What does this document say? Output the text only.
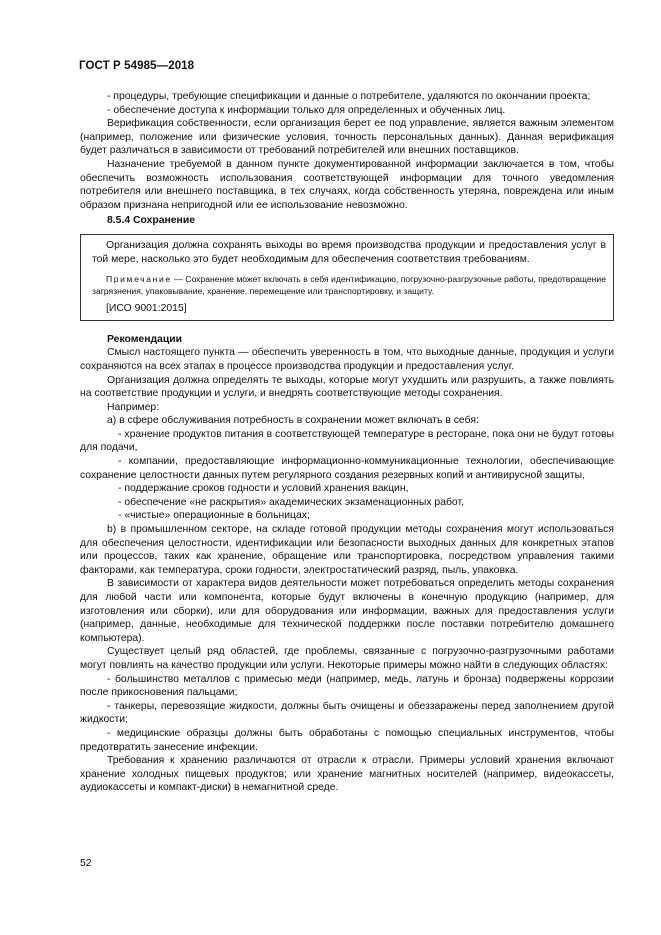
ГОСТ Р 54985—2018

- процедуры, требующие спецификации и данные о потребителе, удаляются по окончании проекта;

- обеспечение доступа к информации только для определенных и обученных лиц.

Верификация собственности, если организация берет ее под управление, является важным элементом (например, положение или физические условия, точность персональных данных). Данная верификация будет различаться в зависимости от требований потребителей или внешних поставщиков.

Назначение требуемой в данном пункте документированной информации заключается в том, чтобы обеспечить возможность использования соответствующей информации для точного уведомления потребителя или внешнего поставщика, в тех случаях, когда собственность утеряна, повреждена или иным образом признана непригодной или ее использование невозможно.

8.5.4 Сохранение

Организация должна сохранять выходы во время производства продукции и предоставления услуг в той мере, насколько это будет необходимым для обеспечения соответствия требованиям.

Примечание — Сохранение может включать в себя идентификацию, погрузочно-разгрузочные работы, предотвращение загрязнения, упаковывание, хранение, перемещение или транспортировку, и защиту.
[ИСО 9001:2015]
Рекомендации

Смысл настоящего пункта — обеспечить уверенность в том, что выходные данные, продукция и услуги сохраняются на всех этапах в процессе производства продукции и предоставления услуг.

Организация должна определять те выходы, которые могут ухудшить или разрушить, а также повлиять на соответствие продукции и услуги, и внедрять соответствующие методы сохранения.

Например:

а) в сфере обслуживания потребность в сохранении может включать в себя:

- хранение продуктов питания в соответствующей температуре в ресторане, пока они не будут готовы для подачи,

- компании, предоставляющие информационно-коммуникационные технологии, обеспечивающие сохранение целостности данных путем регулярного создания резервных копий и антивирусной защиты,

- поддержание сроков годности и условий хранения вакцин,

- обеспечение «не раскрытия» академических экзаменационных работ,

- «чистые» операционные в больницах;

b) в промышленном секторе, на складе готовой продукции методы сохранения могут использоваться для обеспечения целостности, идентификации или безопасности выходных данных для конкретных этапов или процессов, таких как хранение, обращение или транспортировка, посредством управления такими факторами, как температура, сроки годности, электростатический разряд, пыль, упаковка.

В зависимости от характера видов деятельности может потребоваться определить методы сохранения для любой части или компонента, которые будут включены в конечную продукцию (например, для изготовления или сборки), или для оборудования или информации, важных для предоставления услуги (например, данные, необходимые для технической поддержки после поставки потребителю домашнего компьютера).

Существует целый ряд областей, где проблемы, связанные с погрузочно-разгрузочными работами могут повлиять на качество продукции или услуги. Некоторые примеры можно найти в следующих областях:

- большинство металлов с примесью меди (например, медь, латунь и бронза) подвержены коррозии после прикосновения пальцами;

- танкеры, перевозящие жидкости, должны быть очищены и обеззаражены перед заполнением другой жидкости;

- медицинские образцы должны быть обработаны с помощью специальных инструментов, чтобы предотвратить занесение инфекции.

Требования к хранению различаются от отрасли к отрасли. Примеры условий хранения включают хранение холодных пищевых продуктов; или хранение магнитных носителей (например, видеокассеты, аудиокассеты и компакт-диски) в немагнитной среде.

52
